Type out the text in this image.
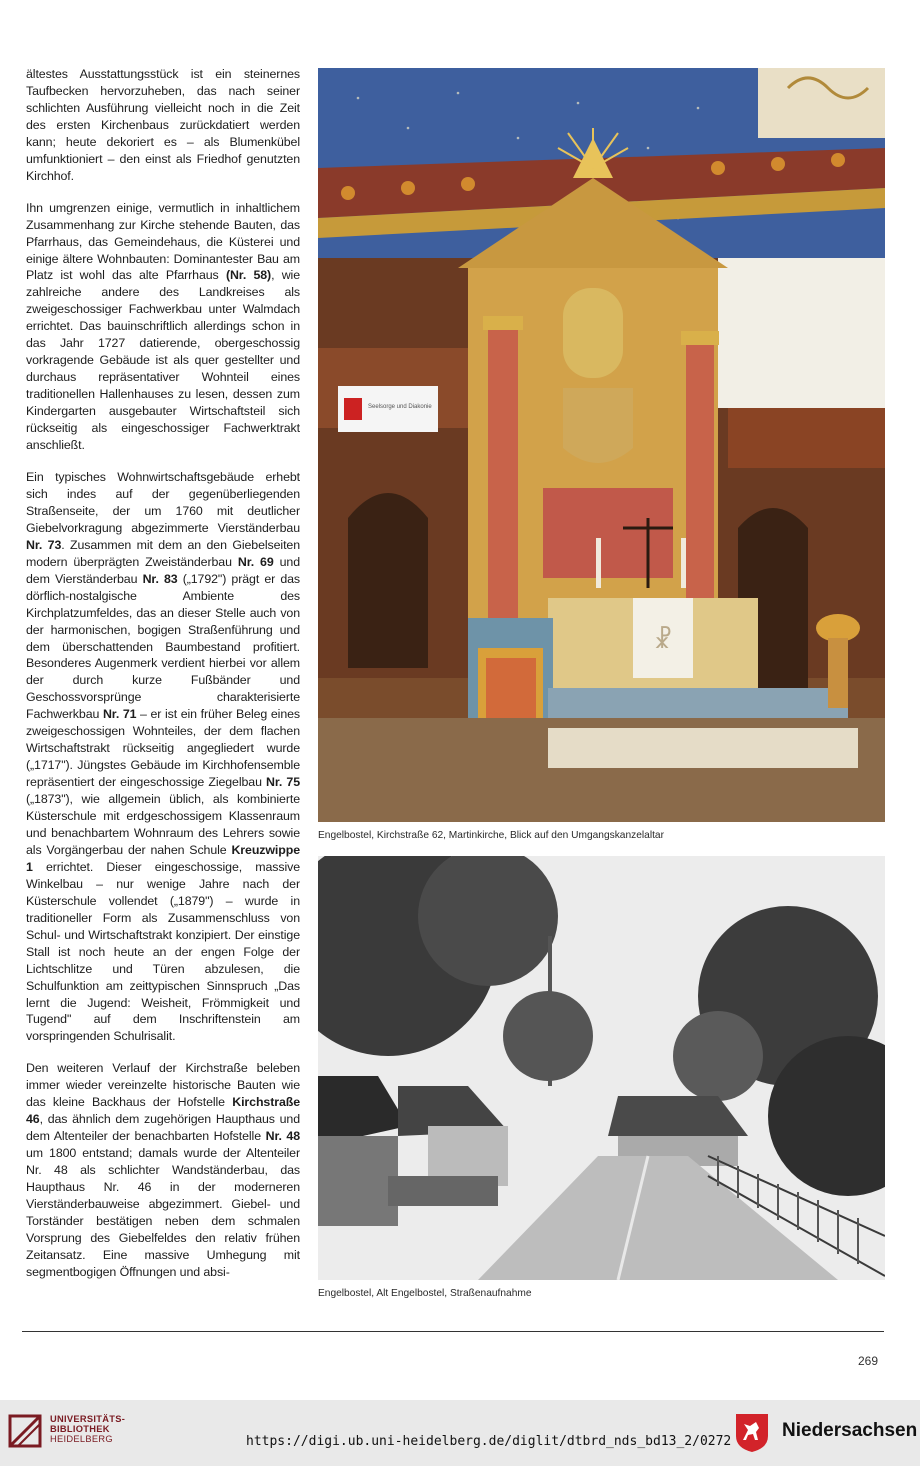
ältestes Ausstattungsstück ist ein steinernes Taufbecken hervorzuheben, das nach seiner schlichten Ausführung vielleicht noch in die Zeit des ersten Kirchenbaus zurückdatiert werden kann; heute dekoriert es – als Blumenkübel umfunktioniert – den einst als Friedhof genutzten Kirchhof.

Ihn umgrenzen einige, vermutlich in inhaltlichem Zusammenhang zur Kirche stehende Bauten, das Pfarrhaus, das Gemeindehaus, die Küsterei und einige ältere Wohnbauten: Dominantester Bau am Platz ist wohl das alte Pfarrhaus (Nr. 58), wie zahlreiche andere des Landkreises als zweigeschossiger Fachwerkbau unter Walmdach errichtet. Das bauinschriftlich allerdings schon in das Jahr 1727 datierende, obergeschossig vorkragende Gebäude ist als quer gestellter und durchaus repräsentativer Wohnteil eines traditionellen Hallenhauses zu lesen, dessen zum Kindergarten ausgebauter Wirtschaftsteil sich rückseitig als eingeschossiger Fachwerktrakt anschließt.

Ein typisches Wohnwirtschaftsgebäude erhebt sich indes auf der gegenüberliegenden Straßenseite, der um 1760 mit deutlicher Giebelvorkragung abgezimmerte Vierständerbau Nr. 73. Zusammen mit dem an den Giebelseiten modern überprägten Zweiständerbau Nr. 69 und dem Vierständerbau Nr. 83 („1792") prägt er das dörflich-nostalgische Ambiente des Kirchplatzumfeldes, das an dieser Stelle auch von der harmonischen, bogigen Straßenführung und dem überschattenden Baumbestand profitiert. Besonderes Augenmerk verdient hierbei vor allem der durch kurze Fußbänder und Geschossvorsprünge charakterisierte Fachwerkbau Nr. 71 – er ist ein früher Beleg eines zweigeschossigen Wohnteiles, der dem flachen Wirtschaftstrakt rückseitig angegliedert wurde („1717"). Jüngstes Gebäude im Kirchhofensemble repräsentiert der eingeschossige Ziegelbau Nr. 75 („1873"), wie allgemein üblich, als kombinierte Küsterschule mit erdgeschossigem Klassenraum und benachbartem Wohnraum des Lehrers sowie als Vorgängerbau der nahen Schule Kreuzwippe 1 errichtet. Dieser eingeschossige, massive Winkelbau – nur wenige Jahre nach der Küsterschule vollendet („1879") – wurde in traditioneller Form als Zusammenschluss von Schul- und Wirtschaftstrakt konzipiert. Der einstige Stall ist noch heute an der engen Folge der Lichtschlitze und Türen abzulesen, die Schulfunktion am zeittypischen Sinnspruch „Das lernt die Jugend: Weisheit, Frömmigkeit und Tugend" auf dem Inschriftenstein am vorspringenden Schulrisalit.

Den weiteren Verlauf der Kirchstraße beleben immer wieder vereinzelte historische Bauten wie das kleine Backhaus der Hofstelle Kirchstraße 46, das ähnlich dem zugehörigen Haupthaus und dem Altenteiler der benachbarten Hofstelle Nr. 48 um 1800 entstand; damals wurde der Altenteiler Nr. 48 als schlichter Wandständerbau, das Haupthaus Nr. 46 in der moderneren Vierständerbauweise abgezimmert. Giebel- und Torständer bestätigen neben dem schmalen Vorsprung des Giebelfeldes den relativ frühen Zeitansatz. Eine massive Umhegung mit segmentbogigen Öffnungen und absi-

Seelsorge und Diakonie
☧
Engelbostel, Kirchstraße 62, Martinkirche, Blick auf den Umgangskanzelaltar
Engelbostel, Alt Engelbostel, Straßenaufnahme
269
UNIVERSITÄTS-
BIBLIOTHEK
HEIDELBERG	https://digi.ub.uni-heidelberg.de/diglit/dtbrd_nds_bd13_2/0272
Niedersachsen
